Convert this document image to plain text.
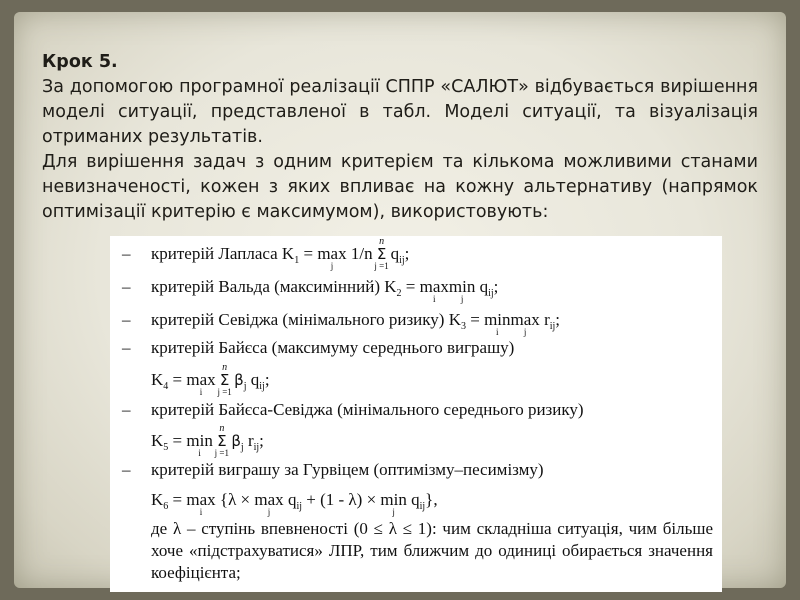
Крок 5.
За допомогою програмної реалізації СППР «САЛЮТ» відбувається вирішення моделі ситуації, представленої в табл. Моделі ситуації, та візуалізація отриманих результатів.
Для вирішення задач з одним критерієм та кількома можливими станами невизначеності, кожен з яких впливає на кожну альтернативу (напрямок оптимізації критерію є максимумом), використовують:
– критерій Лапласа $K_1 = \max$
j
1/n Σ
n
j =1
$q_{ij}$;
– критерій Вальда (максимінний) $K_2 = \max$
i
min
j
$q_{ij}$;
– критерій Севіджа (мінімального ризику) $K_3 = \min$
i
max
j
$r_{ij}$;
– критерій Байєса (максимуму середнього виграшу)
$K_4 = \max$
i
Σ
n
j =1
$\beta_j$ $q_{ij}$;
– критерій Байєса-Севіджа (мінімального середнього ризику)
$K_5 = \min$
i
Σ
n
j =1
$\beta_j$ $r_{ij}$;
– критерій виграшу за Гурвіцем (оптимізму–песимізму)
$K_6 = \max$
i
{λ × max
j
$q_{ij} + (1 - \lambda) \times \min$
j
$q_{ij}$},
де λ – ступінь впевненості (0 ≤ λ ≤ 1): чим складніша ситуація, чим більше хоче «підстрахуватися» ЛПР, тим ближчим до одиниці обирається значення коефіцієнта;
